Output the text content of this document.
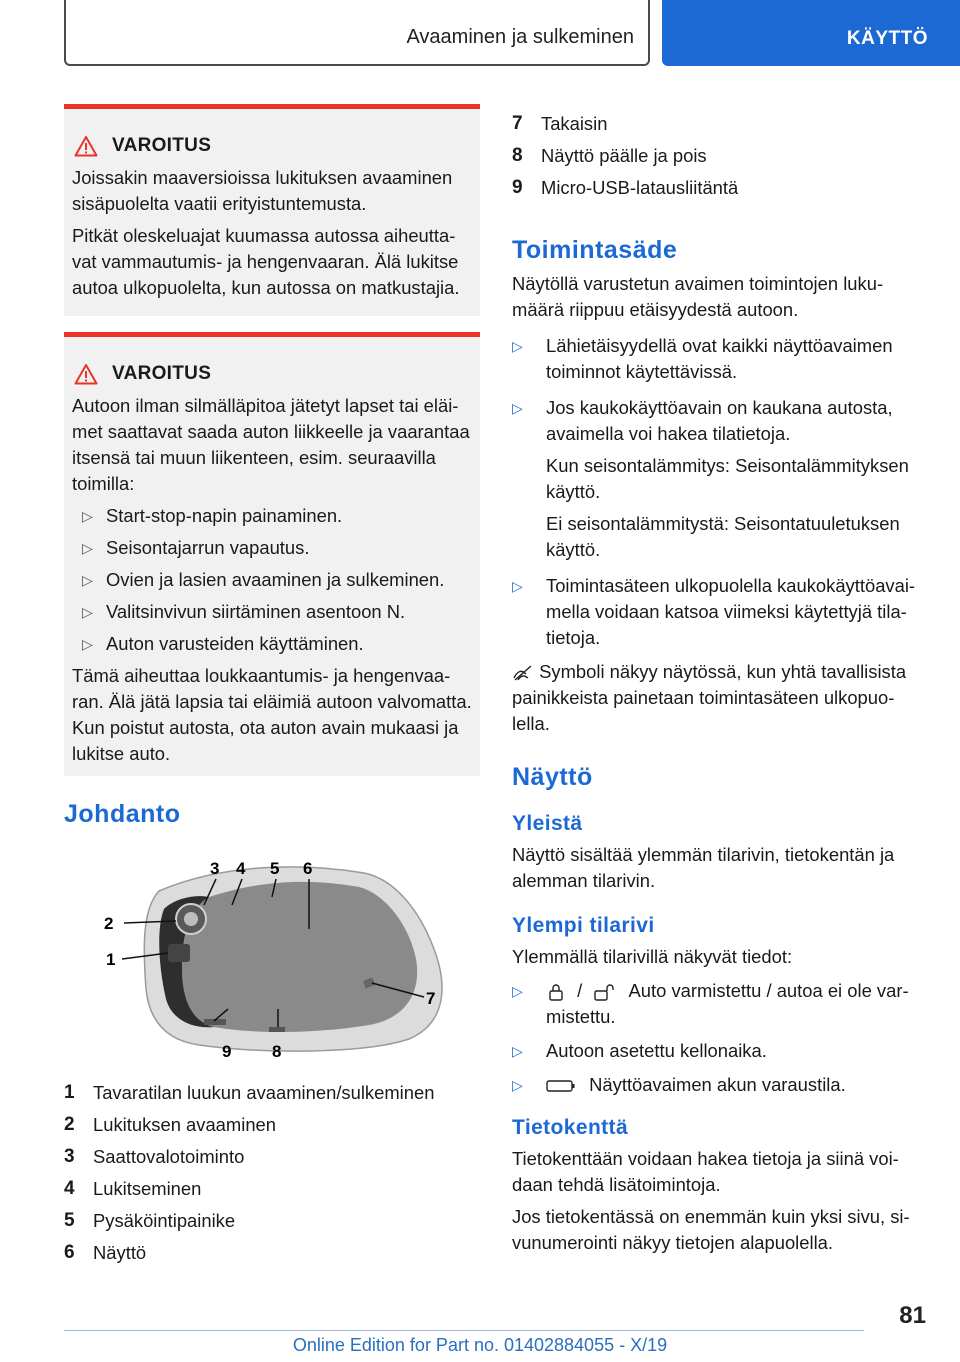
Avaaminen ja sulkeminen	KÄYTTÖ
VAROITUS

Joissakin maaversioissa lukituksen avaaminen sisäpuolelta vaatii erityistuntemusta.

Pitkät oleskeluajat kuumassa autossa aiheutta-vat vammautumis- ja hengenvaaran. Älä lukitse autoa ulkopuolelta, kun autossa on matkustajia.

VAROITUS

Autoon ilman silmälläpitoa jätetyt lapset tai eläi-met saattavat saada auton liikkeelle ja vaarantaa itsensä tai muun liikenteen, esim. seuraavilla toimilla:

▷ Start-stop-napin painaminen.
▷ Seisontajarrun vapautus.
▷ Ovien ja lasien avaaminen ja sulkeminen.
▷ Valitsinvivun siirtäminen asentoon N.
▷ Auton varusteiden käyttäminen.

Tämä aiheuttaa loukkaantumis- ja hengenvaa-ran. Älä jätä lapsia tai eläimiä autoon valvomatta. Kun poistut autosta, ota auton avain mukaasi ja lukitse auto.

Johdanto
3 4 5 6
2
1
7
9 8
1	Tavaratilan luukun avaaminen/sulkeminen
2	Lukituksen avaaminen
3	Saattovalotoiminto
4	Lukitseminen
5	Pysäköintipainike
6	Näyttö
7	Takaisin
8	Näyttö päälle ja pois
9	Micro-USB-latausliitäntä
Toimintasäde

Näytöllä varustetun avaimen toimintojen luku-määrä riippuu etäisyydestä autoon.

▷ Lähietäisyydellä ovat kaikki näyttöavaimen toiminnot käytettävissä.
▷ Jos kaukokäyttöavain on kaukana autosta, avaimella voi hakea tilatietoja.

Kun seisontalämmitys: Seisontalämmityksen käyttö.

Ei seisontalämmitystä: Seisontatuuletuksen käyttö.

▷ Toimintasäteen ulkopuolella kaukokäyttöavai-mella voidaan katsoa viimeksi käytettyjä tila-tietoja.

Symboli näkyy näytössä, kun yhtä tavallisista painikkeista painetaan toimintasäteen ulkopuo-lella.

Näyttö
Yleistä

Näyttö sisältää ylemmän tilarivin, tietokentän ja alemman tilarivin.

Ylempi tilarivi

Ylemmällä tilarivillä näkyvät tiedot:

▷	/	Auto varmistettu / autoa ei ole var-mistettu.
▷ Autoon asetettu kellonaika.
▷	Näyttöavaimen akun varaustila.
Tietokenttä

Tietokenttään voidaan hakea tietoja ja siinä voi-daan tehdä lisätoimintoja.

Jos tietokentässä on enemmän kuin yksi sivu, si-vunumerointi näkyy tietojen alapuolella.

81
Online Edition for Part no. 01402884055 - X/19
